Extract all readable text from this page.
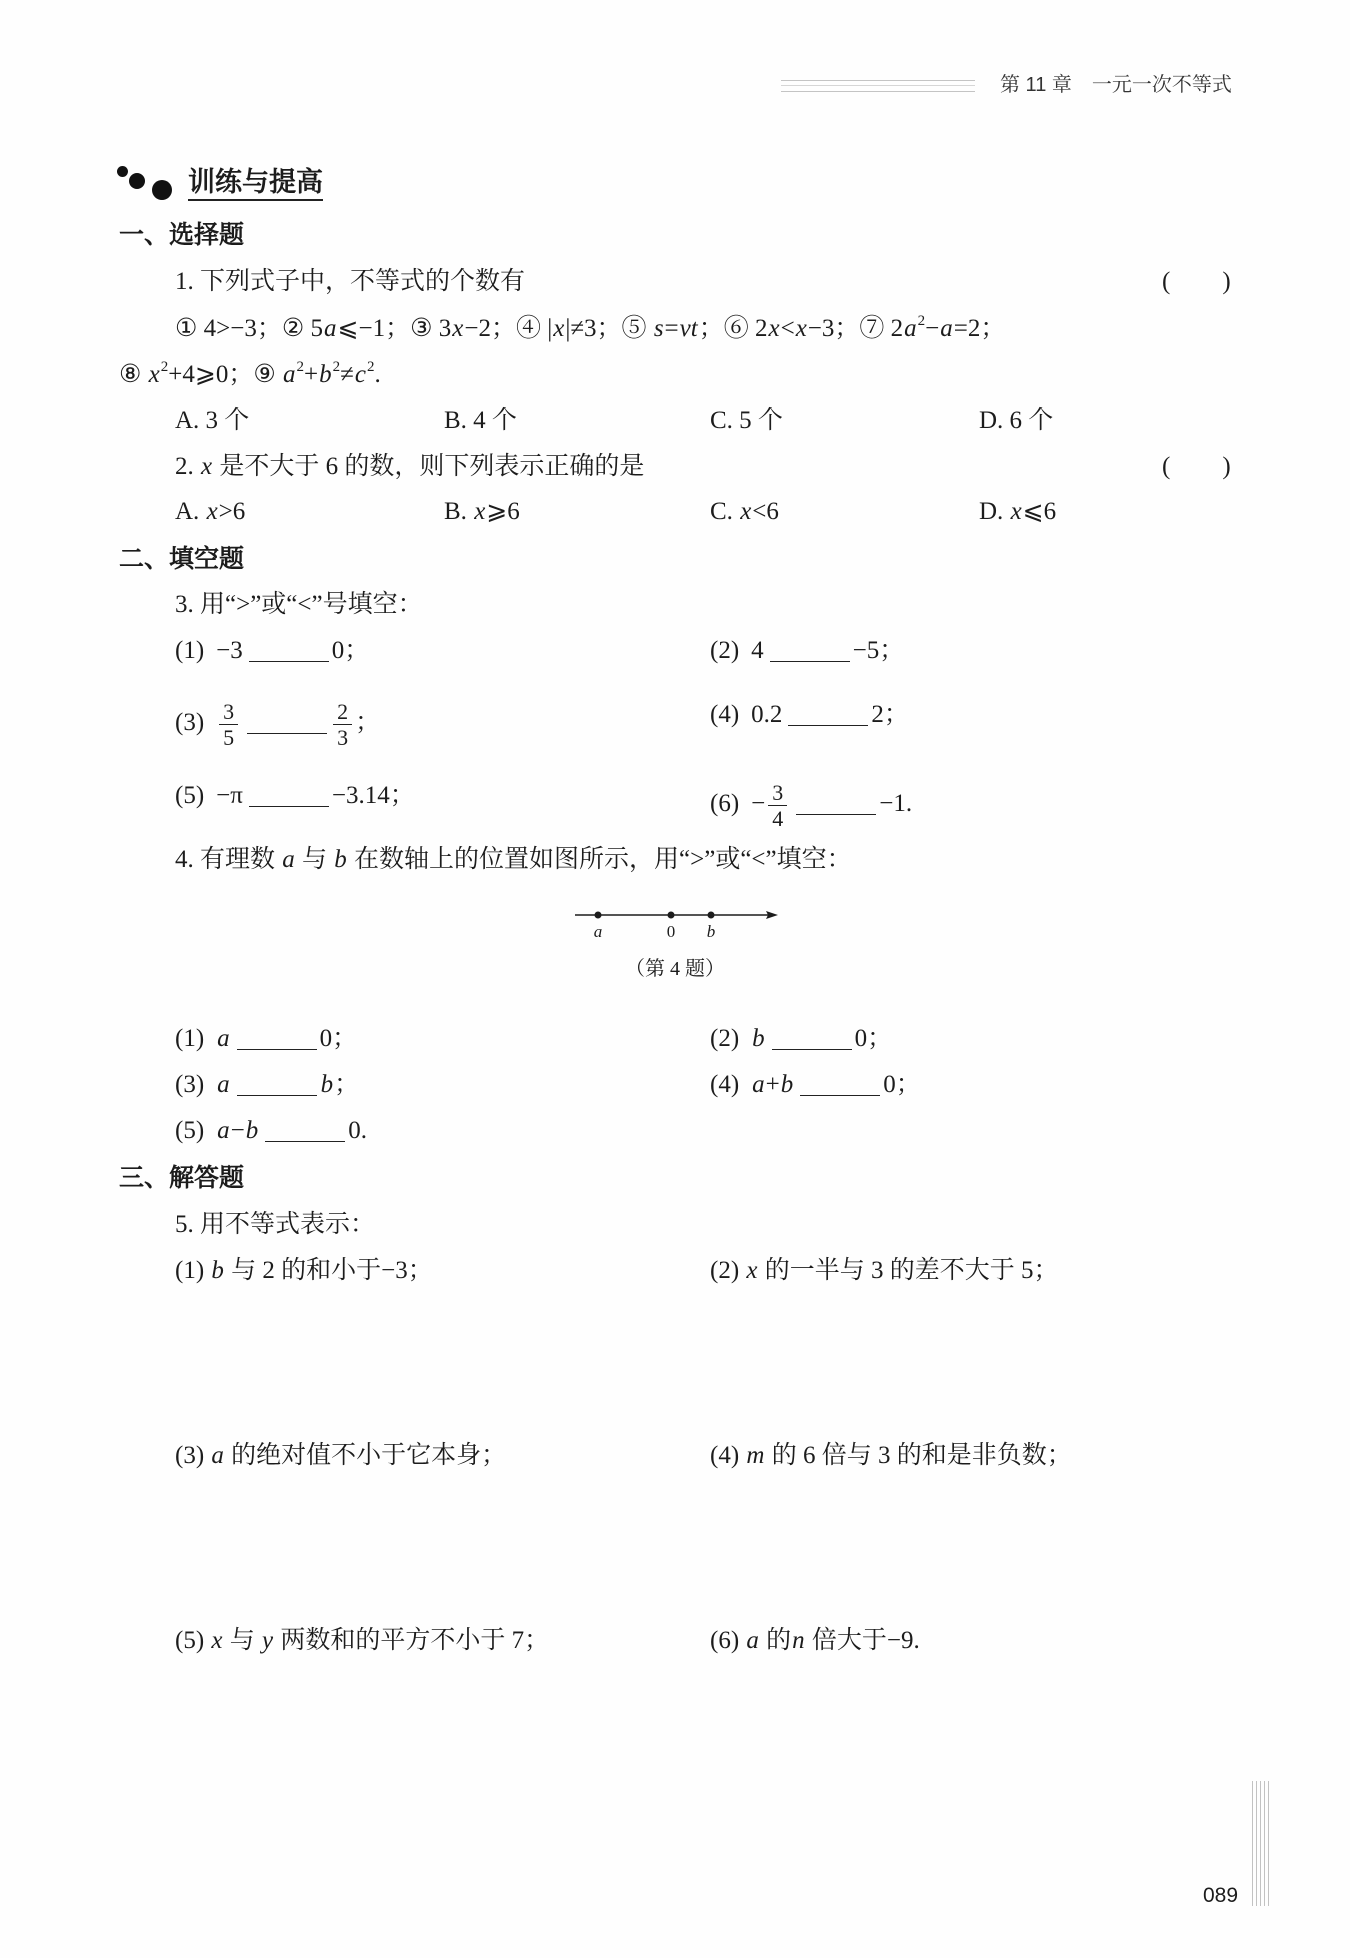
第 11 章 一元一次不等式
训练与提高
一、选择题
1. 下列式子中，不等式的个数有	( )
① 4>−3；② 5a⩽−1；③ 3x−2；④ |x|≠3；⑤ s=vt；⑥ 2x<x−3；⑦ $2a^2-a=2$；
⑧ $x^2+4⩾0$；⑨ $a^2+b^2\ne c^2$.
A. 3 个	B. 4 个	C. 5 个	D. 6 个
2. x 是不大于 6 的数，则下列表示正确的是	( )
A. x>6	B. x⩾6	C. x<6	D. x⩽6
二、填空题
3. 用“>”或“<”号填空：
(1) −3	0；	(2) 4	−5；
$(3) \frac{3}{5}$	$\frac{2}{3}$ ；	(4) 0.2	2；
(5) −π	−3.14；	$(6) - \frac{3}{4}$	−1.
4. 有理数 a 与 b 在数轴上的位置如图所示，用“>”或“<”填空：
a	0 b
（第 4 题）
(1) a	0；	(2) b	0；
(3) a	b；	(4) a+b	0；
(5) a−b	0.
三、解答题
5. 用不等式表示：
(1) b 与 2 的和小于−3；	(2) x 的一半与 3 的差不大于 5；
(3) a 的绝对值不小于它本身；	(4) m 的 6 倍与 3 的和是非负数；
(5) x 与 y 两数和的平方不小于 7；	(6) a 的n 倍大于−9.
089
